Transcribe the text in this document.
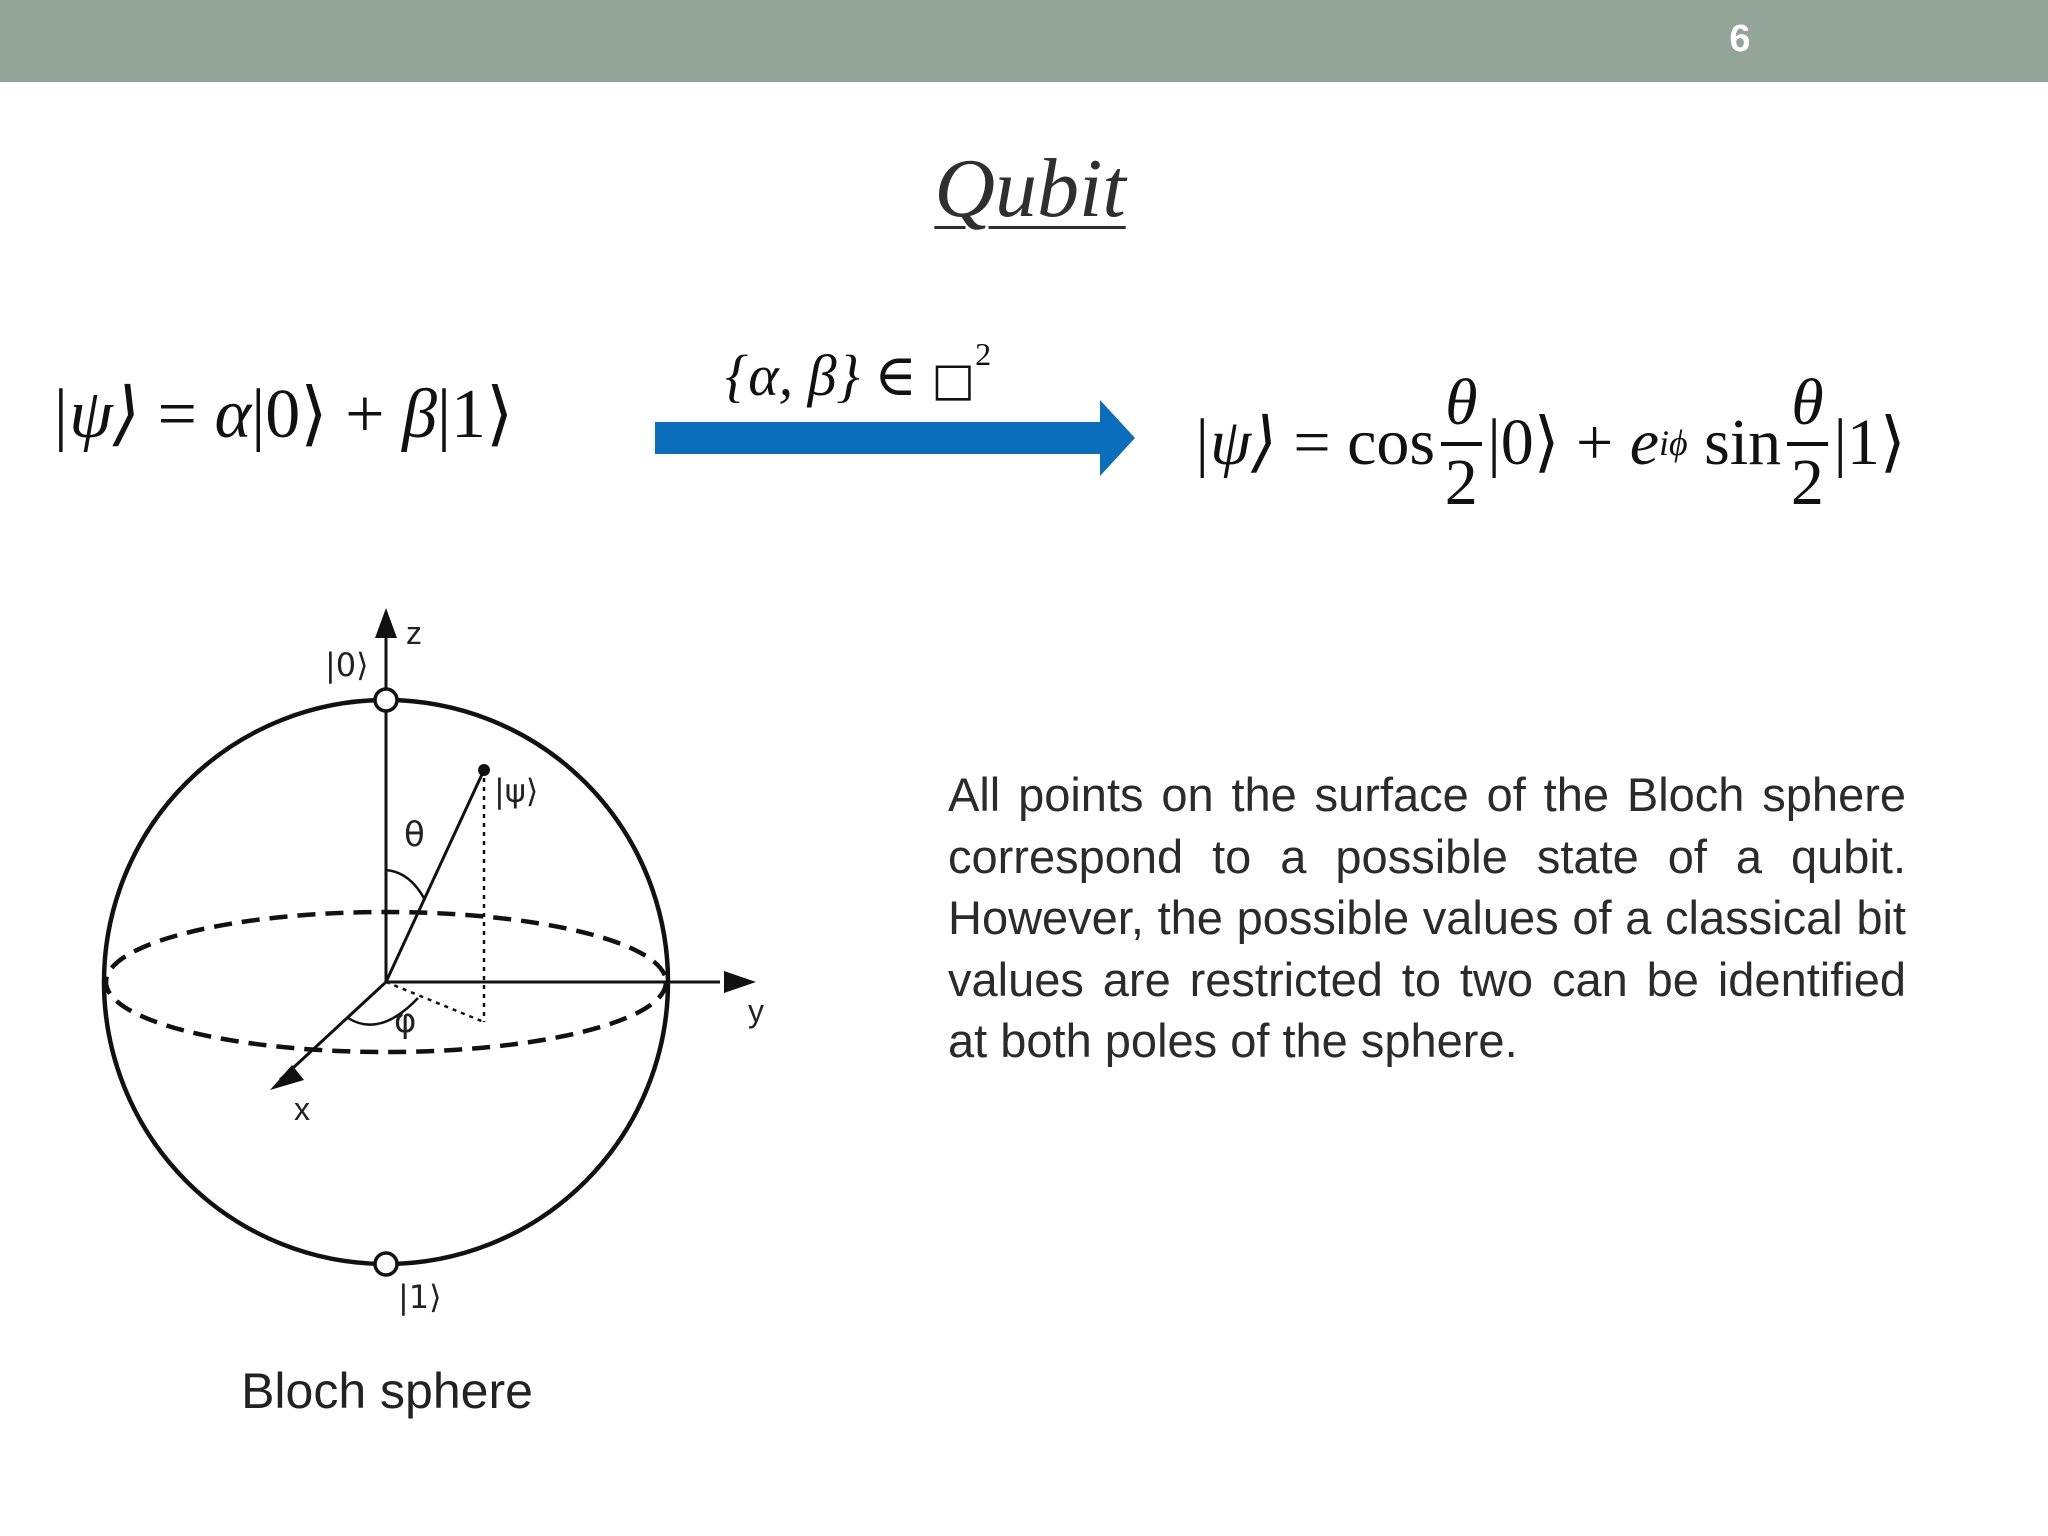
6
Qubit
|ψ⟩ = α|0⟩ + β|1⟩
{α, β} ∈ □$^2$
|ψ⟩ = $\cos \frac{\theta}{2}$ |0⟩ + e iϕ $\sin \frac{\theta}{2}$ |1⟩
z
y
x
|0⟩
|1⟩
|ψ⟩
θ
φ
Bloch sphere
All points on the surface of the Bloch sphere correspond to a possible state of a qubit. However, the possible values of a classical bit values are restricted to two can be identified at both poles of the sphere.
